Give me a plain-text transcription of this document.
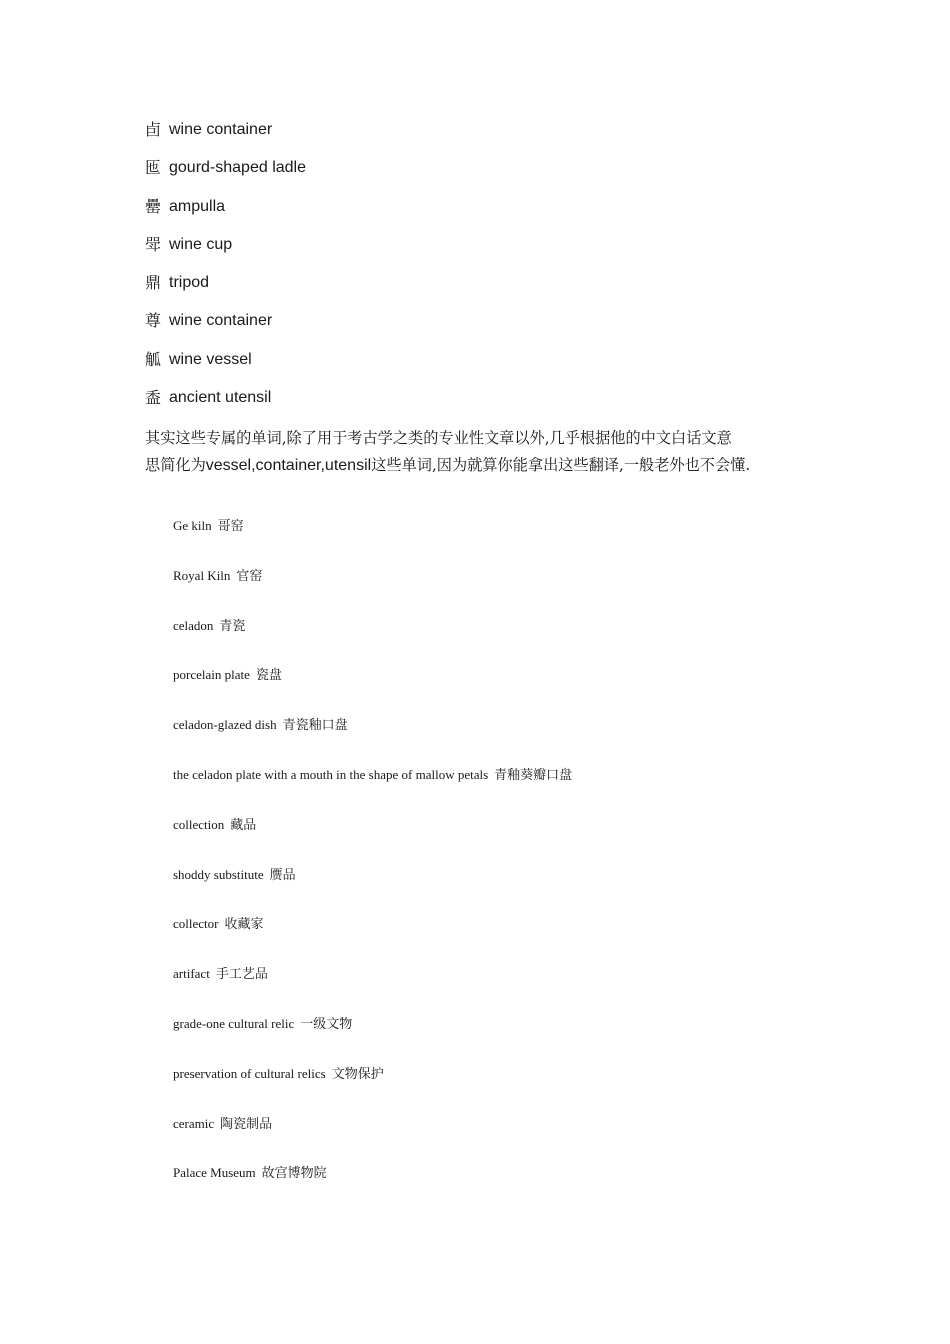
卣 wine container
匜 gourd-shaped ladle
罍 ampulla
斝 wine cup
鼎 tripod
尊 wine container
觚 wine vessel
盉 ancient utensil

其实这些专属的单词,除了用于考古学之类的专业性文章以外,几乎根据他的中文白话文意

思简化为vessel,container,utensil这些单词,因为就算你能拿出这些翻译,一般老外也不会懂.

Ge kiln 哥窑
Royal Kiln 官窑
celadon 青瓷
porcelain plate 瓷盘
celadon-glazed dish 青瓷釉口盘
the celadon plate with a mouth in the shape of mallow petals 青釉葵瓣口盘
collection 藏品
shoddy substitute 赝品
collector 收藏家
artifact 手工艺品
grade-one cultural relic 一级文物
preservation of cultural relics 文物保护
ceramic 陶瓷制品
Palace Museum 故宫博物院
